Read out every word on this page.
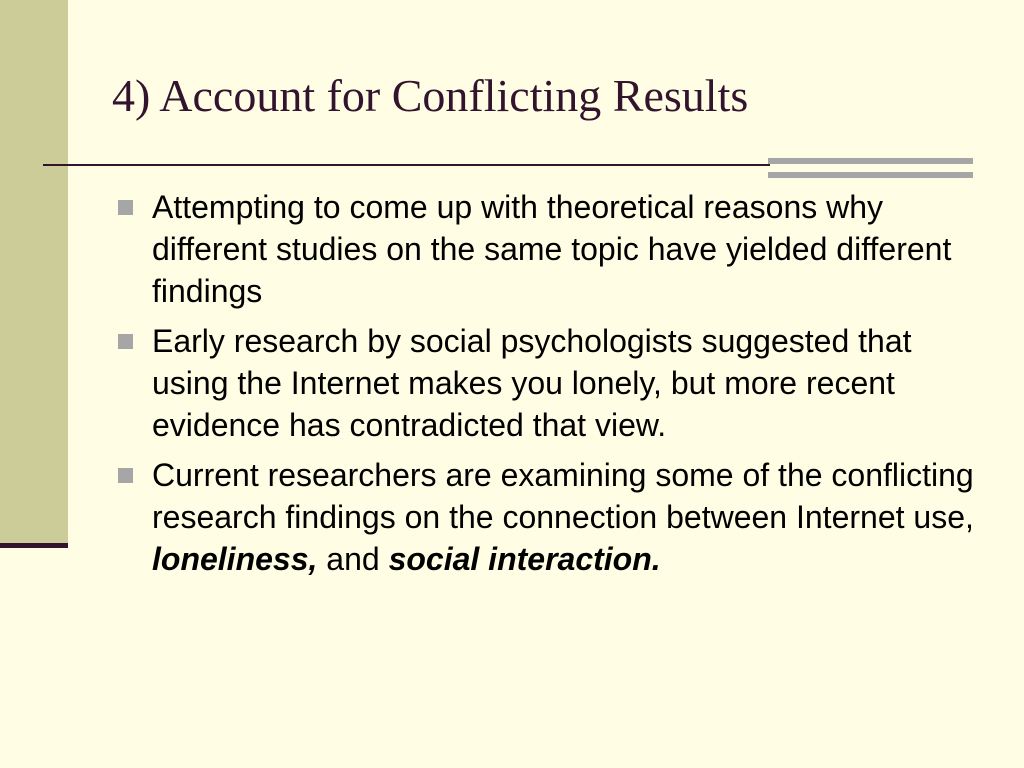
4) Account for Conflicting Results
Attempting to come up with theoretical reasons why different studies on the same topic have yielded different findings
Early research by social psychologists suggested that using the Internet makes you lonely, but more recent evidence has contradicted that view.
Current researchers are examining some of the conflicting research findings on the connection between Internet use, loneliness, and social interaction.
